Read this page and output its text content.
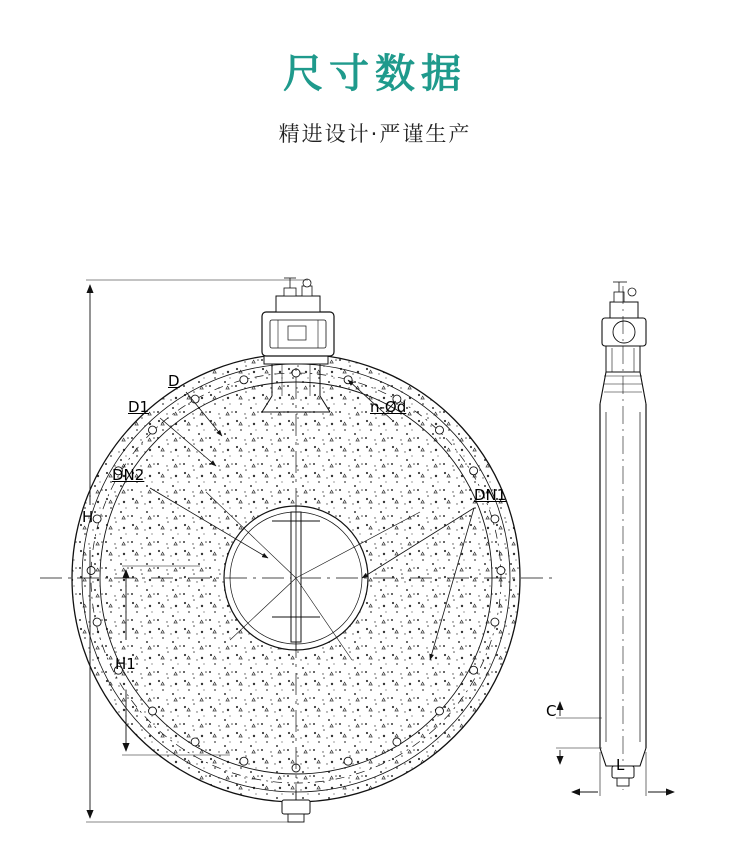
尺寸数据
精进设计·严谨生产
H
H1
D
D1
DN2
DN1
n-Ød
C
L
